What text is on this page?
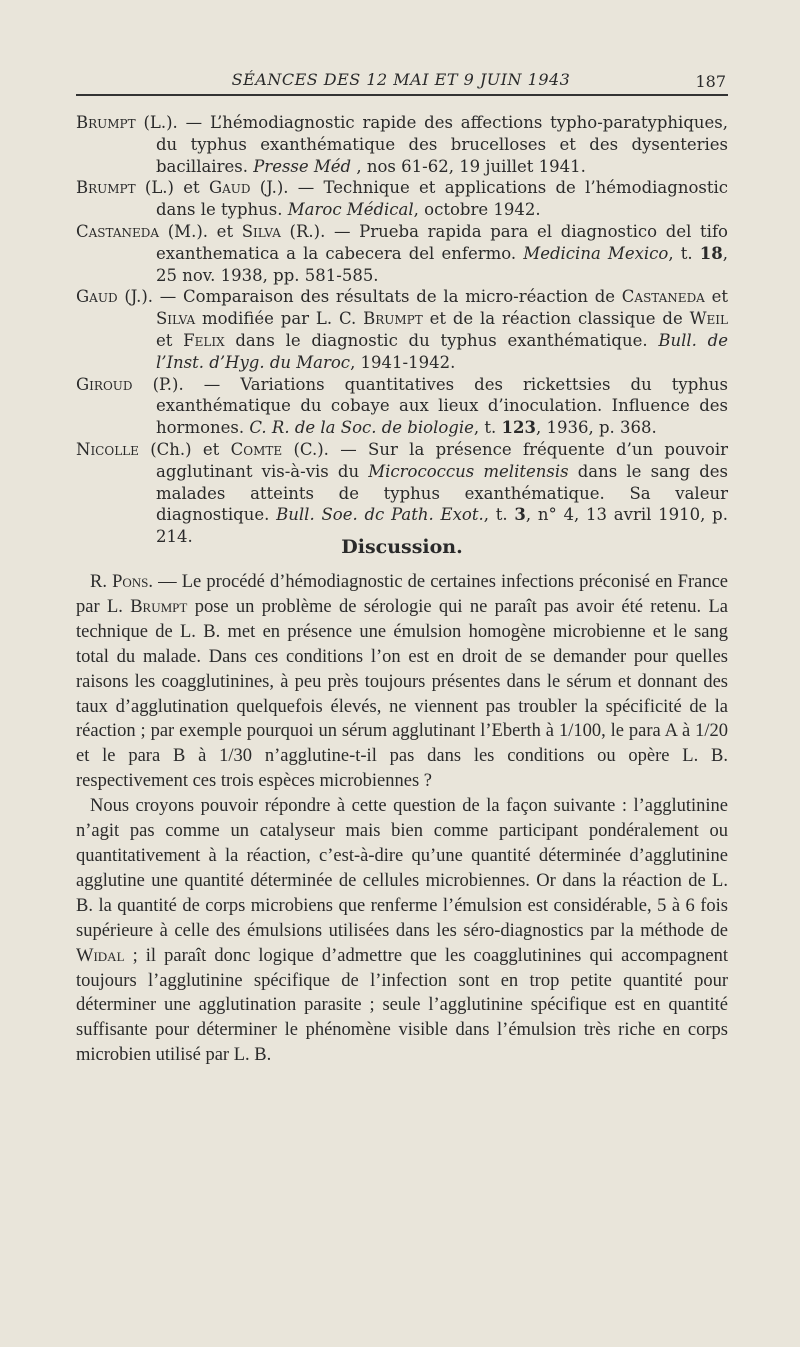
SÉANCES DES 12 MAI ET 9 JUIN 1943	187
Brumpt (L.). — L’hémodiagnostic rapide des affections typho-paratyphiques, du typhus exanthématique des brucelloses et des dysenteries bacillaires. Presse Méd , nos 61-62, 19 juillet 1941.
Brumpt (L.) et Gaud (J.). — Technique et applications de l’hémodiagnostic dans le typhus. Maroc Médical, octobre 1942.
Castaneda (M.). et Silva (R.). — Prueba rapida para el diagnostico del tifo exanthematica a la cabecera del enfermo. Medicina Mexico, t. 18, 25 nov. 1938, pp. 581-585.
Gaud (J.). — Comparaison des résultats de la micro-réaction de Castaneda et Silva modifiée par L. C. Brumpt et de la réaction classique de Weil et Felix dans le diagnostic du typhus exanthématique. Bull. de l’Inst. d’Hyg. du Maroc, 1941-1942.
Giroud (P.). — Variations quantitatives des rickettsies du typhus exanthématique du cobaye aux lieux d’inoculation. Influence des hormones. C. R. de la Soc. de biologie, t. 123, 1936, p. 368.
Nicolle (Ch.) et Comte (C.). — Sur la présence fréquente d’un pouvoir agglutinant vis-à-vis du Micrococcus melitensis dans le sang des malades atteints de typhus exanthématique. Sa valeur diagnostique. Bull. Soe. dc Path. Exot., t. 3, n° 4, 13 avril 1910, p. 214.	Discussion.

R. Pons. — Le procédé d’hémodiagnostic de certaines infections préconisé en France par L. Brumpt pose un problème de sérologie qui ne paraît pas avoir été retenu. La technique de L. B. met en présence une émulsion homogène microbienne et le sang total du malade. Dans ces conditions l’on est en droit de se demander pour quelles raisons les coagglutinines, à peu près toujours présentes dans le sérum et donnant des taux d’agglutination quelquefois élevés, ne viennent pas troubler la spécificité de la réaction ; par exemple pourquoi un sérum agglutinant l’Eberth à 1/100, le para A à 1/20 et le para B à 1/30 n’agglutine-t-il pas dans les conditions ou opère L. B. respectivement ces trois espèces microbiennes ?

Nous croyons pouvoir répondre à cette question de la façon suivante : l’agglutinine n’agit pas comme un catalyseur mais bien comme participant pondéralement ou quantitativement à la réaction, c’est-à-dire qu’une quantité déterminée d’agglutinine agglutine une quantité déterminée de cellules microbiennes. Or dans la réaction de L. B. la quantité de corps microbiens que renferme l’émulsion est considérable, 5 à 6 fois supérieure à celle des émulsions utilisées dans les séro-diagnostics par la méthode de Widal ; il paraît donc logique d’admettre que les coagglutinines qui accompagnent toujours l’agglutinine spécifique de l’infection sont en trop petite quantité pour déterminer une agglutination parasite ; seule l’agglutinine spécifique est en quantité suffisante pour déterminer le phénomène visible dans l’émulsion très riche en corps microbien utilisé par L. B.
